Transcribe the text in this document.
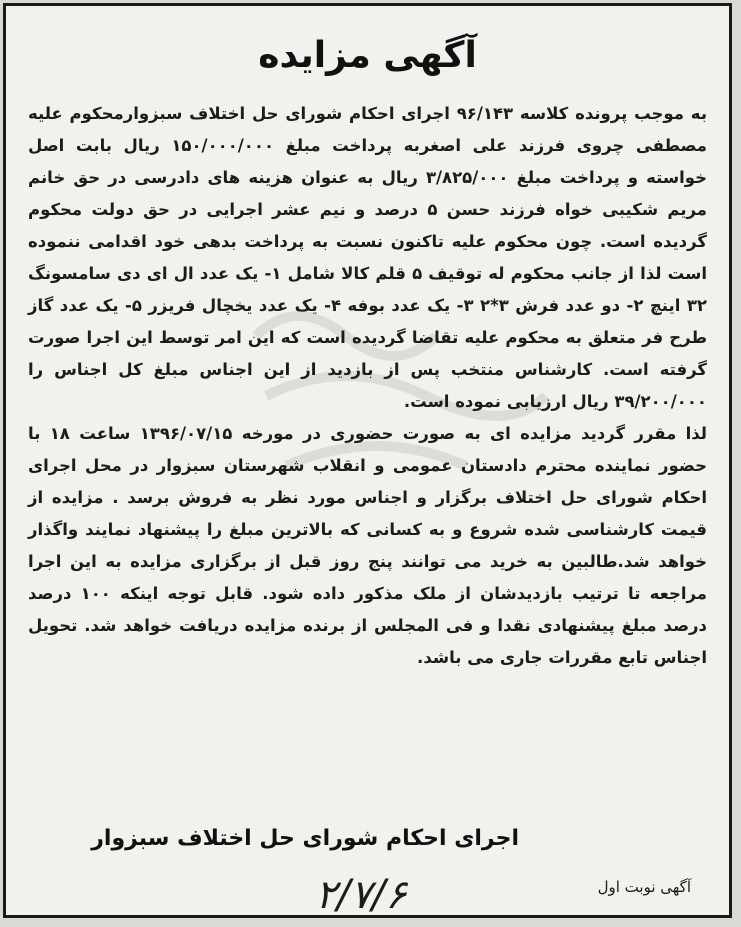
آگهی مزایده

به موجب پرونده کلاسه ۹۶/۱۴۳ اجرای احکام شورای حل اختلاف سبزوارمحکوم علیه مصطفی چروی فرزند علی اصغربه پرداخت مبلغ ۱۵۰/۰۰۰/۰۰۰ ریال بابت اصل خواسته و پرداخت مبلغ ۳/۸۲۵/۰۰۰ ریال به عنوان هزینه های دادرسی در حق خانم مریم شکیبی خواه فرزند حسن ۵ درصد و نیم عشر اجرایی در حق دولت محکوم گردیده است. چون محکوم علیه تاکنون نسبت به پرداخت بدهی خود اقدامی ننموده است لذا از جانب محکوم له توقیف ۵ قلم کالا شامل ۱- یک عدد ال ای دی سامسونگ ۳۲ اینچ ۲- دو عدد فرش ۳*۲ ۳- یک عدد بوفه ۴- یک عدد یخچال فریزر ۵- یک عدد گاز طرح فر متعلق به محکوم علیه تقاضا گردیده است که این امر توسط این اجرا صورت گرفته است. کارشناس منتخب پس از بازدید از این اجناس مبلغ کل اجناس را ۳۹/۲۰۰/۰۰۰ ریال ارزیابی نموده است.

لذا مقرر گردید مزایده ای به صورت حضوری در مورخه ۱۳۹۶/۰۷/۱۵ ساعت ۱۸ با حضور نماینده محترم دادستان عمومی و انقلاب شهرستان سبزوار در محل اجرای احکام شورای حل اختلاف برگزار و اجناس مورد نظر به فروش برسد . مزایده از قیمت کارشناسی شده شروع و به کسانی که بالاترین مبلغ را پیشنهاد نمایند واگذار خواهد شد.طالبین به خرید می توانند پنج روز قبل از برگزاری مزایده به این اجرا مراجعه تا ترتیب بازدیدشان از ملک مذکور داده شود. قابل توجه اینکه ۱۰۰ درصد درصد مبلغ پیشنهادی نقدا و فی المجلس از برنده مزایده دریافت خواهد شد. تحویل اجناس تابع مقررات جاری می باشد.

اجرای احکام شورای حل اختلاف سبزوار
۲/۷/۶	آگهی نوبت اول
